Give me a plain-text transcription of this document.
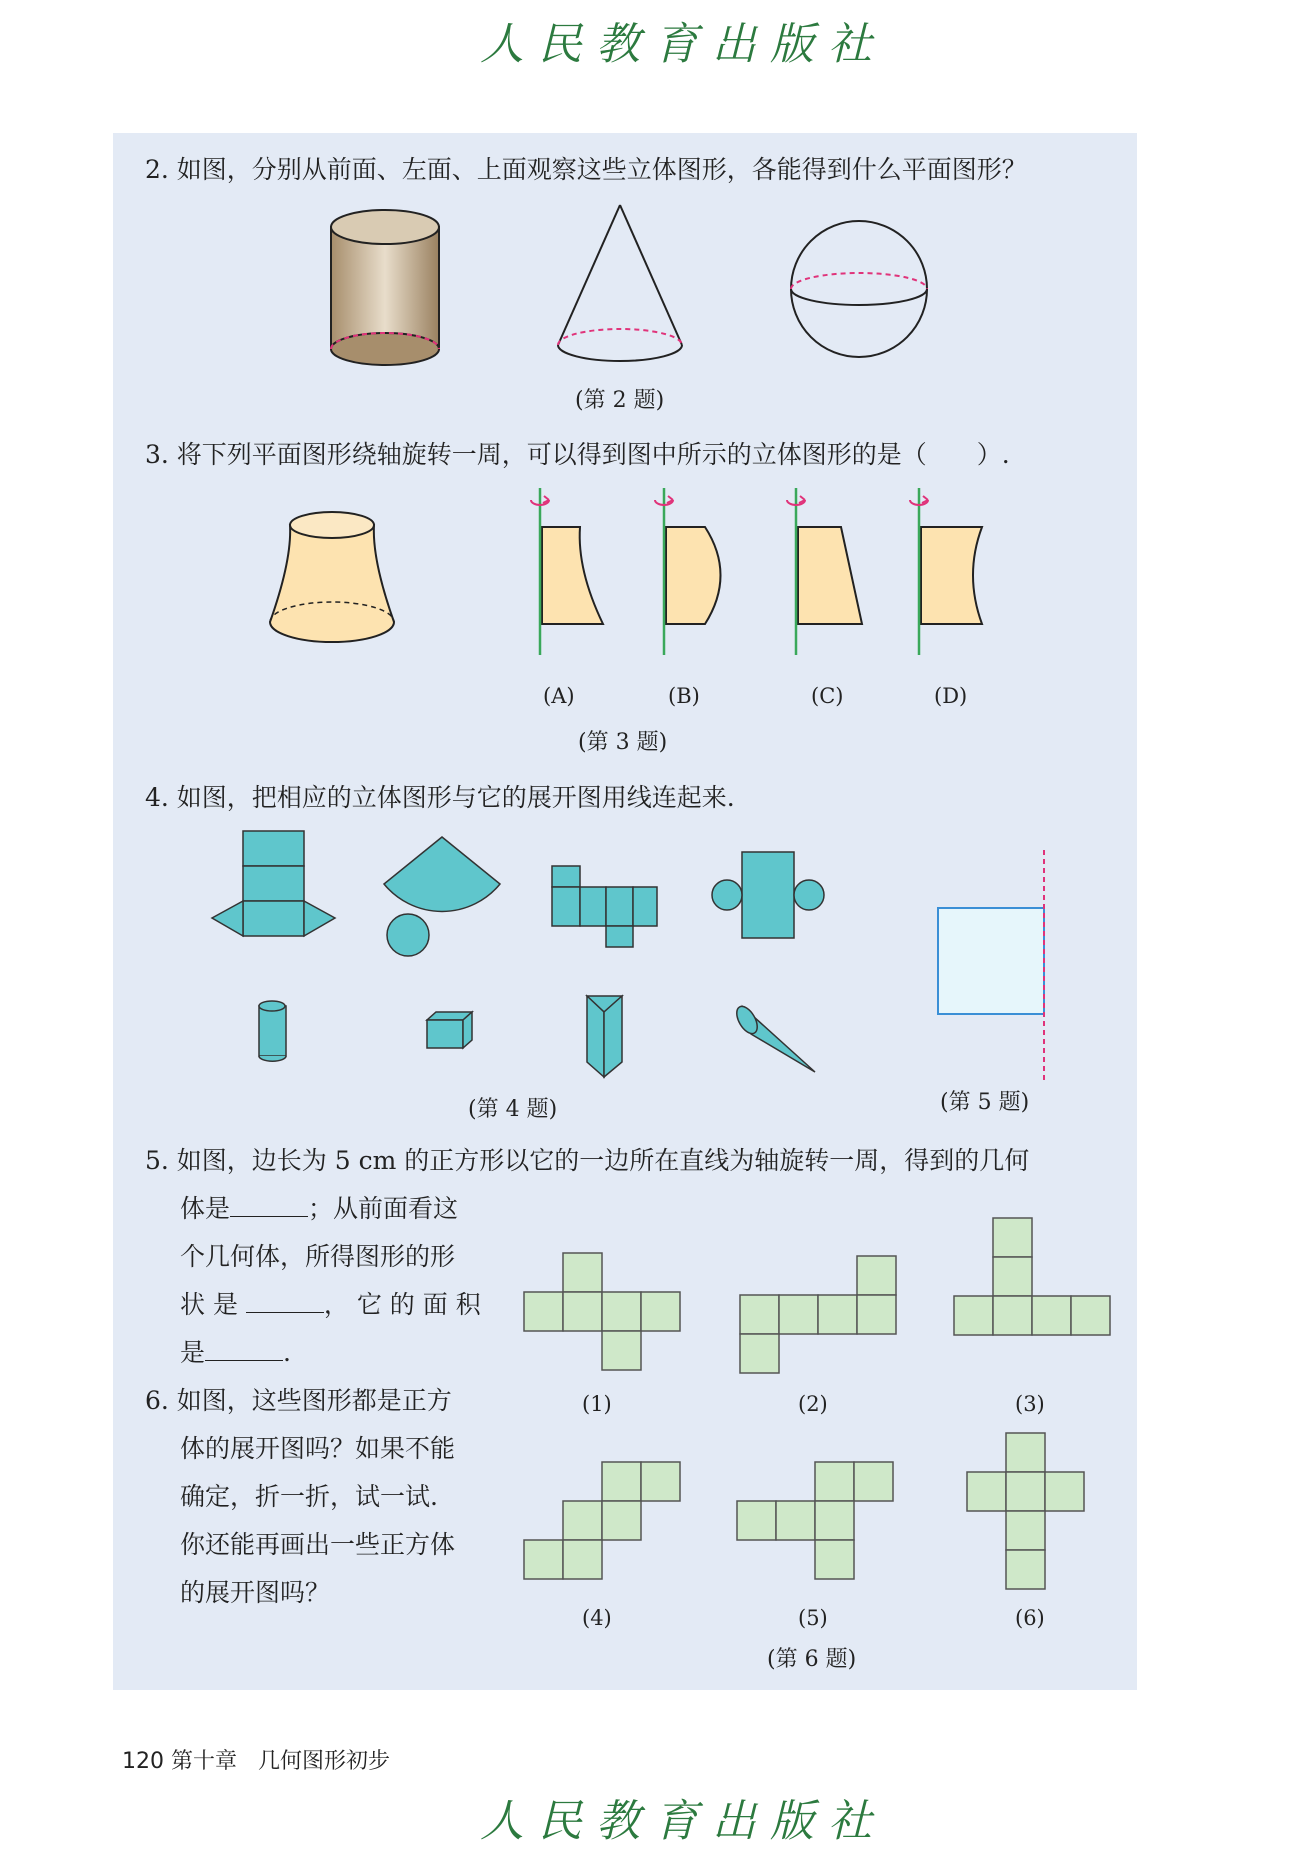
人民教育出版社
2. 如图，分别从前面、左面、上面观察这些立体图形，各能得到什么平面图形？
(第 2 题)
3. 将下列平面图形绕轴旋转一周，可以得到图中所示的立体图形的是（　　）.
(A)	(B)	(C)	(D)
(第 3 题)
4. 如图，把相应的立体图形与它的展开图用线连起来.
(第 4 题)	(第 5 题)
5. 如图，边长为 5 cm 的正方形以它的一边所在直线为轴旋转一周，得到的几何
体是	；从前面看这
个几何体，所得图形的形
状 是	， 它 的 面 积
是	.
6. 如图，这些图形都是正方
体的展开图吗？如果不能
确定，折一折，试一试.
你还能再画出一些正方体
的展开图吗？
(1)	(2)	(3)
(4)	(5)	(6)
(第 6 题)
120 第十章 几何图形初步
人民教育出版社
